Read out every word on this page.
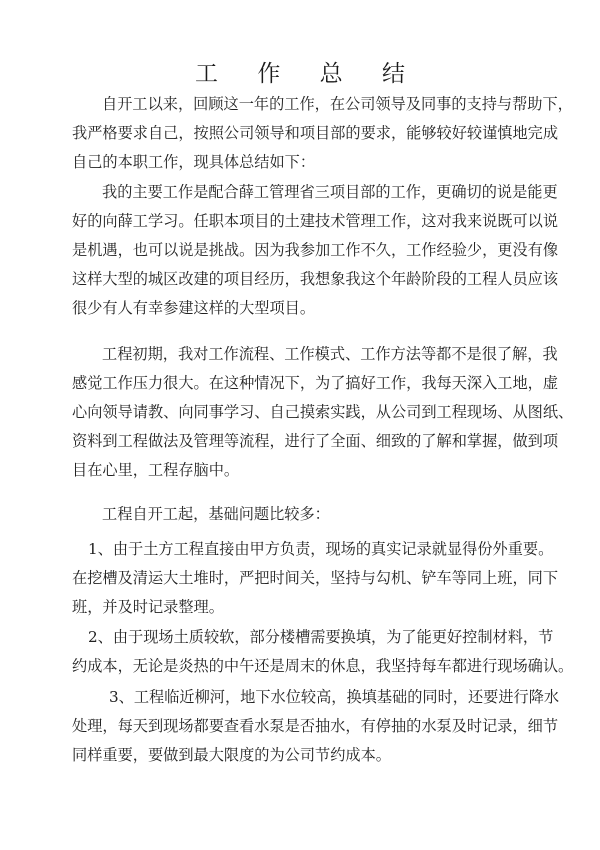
工 作 总 结
自开工以来，回顾这一年的工作，在公司领导及同事的支持与帮助下，
我严格要求自己，按照公司领导和项目部的要求，能够较好较谨慎地完成
自己的本职工作，现具体总结如下：
我的主要工作是配合薛工管理省三项目部的工作，更确切的说是能更
好的向薛工学习。任职本项目的土建技术管理工作，这对我来说既可以说
是机遇，也可以说是挑战。因为我参加工作不久，工作经验少，更没有像
这样大型的城区改建的项目经历，我想象我这个年龄阶段的工程人员应该
很少有人有幸参建这样的大型项目。
工程初期，我对工作流程、工作模式、工作方法等都不是很了解，我
感觉工作压力很大。在这种情况下，为了搞好工作，我每天深入工地，虚
心向领导请教、向同事学习、自己摸索实践，从公司到工程现场、从图纸、
资料到工程做法及管理等流程，进行了全面、细致的了解和掌握，做到项
目在心里，工程存脑中。
工程自开工起，基础问题比较多：
1、由于土方工程直接由甲方负责，现场的真实记录就显得份外重要。
在挖槽及清运大土堆时，严把时间关，坚持与勾机、铲车等同上班，同下
班，并及时记录整理。
2、由于现场土质较软，部分楼槽需要换填，为了能更好控制材料，节
约成本，无论是炎热的中午还是周末的休息，我坚持每车都进行现场确认。
3、工程临近柳河，地下水位较高，换填基础的同时，还要进行降水
处理，每天到现场都要查看水泵是否抽水，有停抽的水泵及时记录，细节
同样重要，要做到最大限度的为公司节约成本。
